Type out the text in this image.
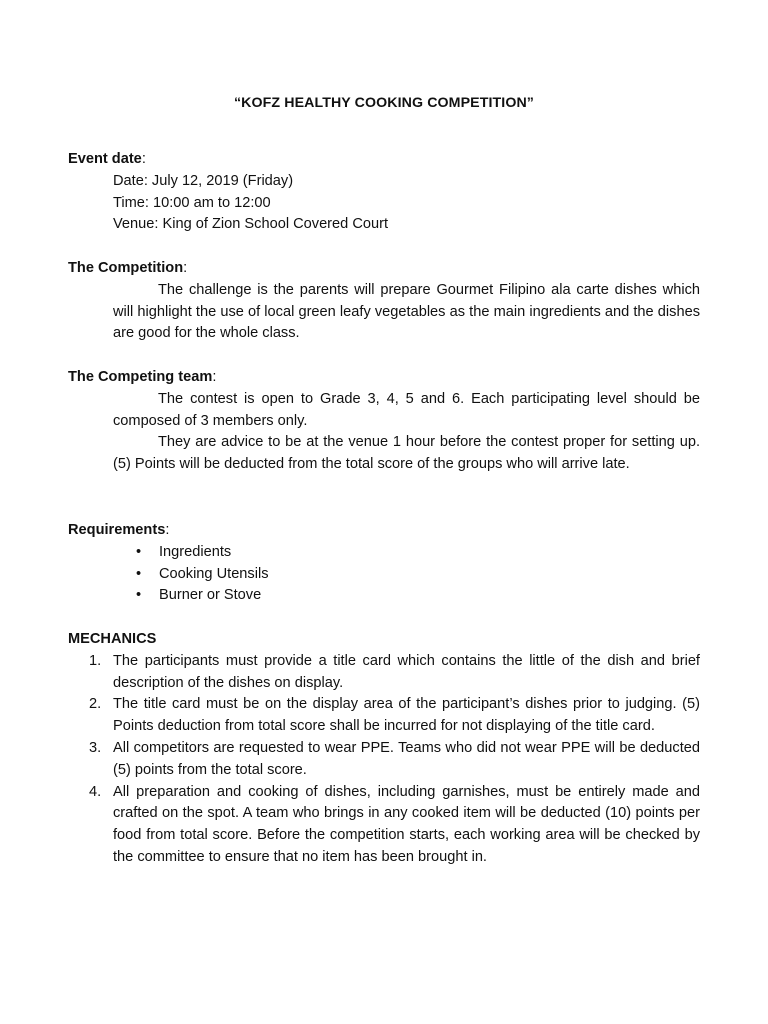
“KOFZ HEALTHY COOKING COMPETITION”
Event date:
Date: July 12, 2019 (Friday)
Time: 10:00 am to 12:00
Venue: King of Zion School Covered Court
The Competition:
The challenge is the parents will prepare Gourmet Filipino ala carte dishes which will highlight the use of local green leafy vegetables as the main ingredients and the dishes are good for the whole class.
The Competing team:
The contest is open to Grade 3, 4, 5 and 6. Each participating level should be composed of 3 members only.
They are advice to be at the venue 1 hour before the contest proper for setting up. (5) Points will be deducted from the total score of the groups who will arrive late.
Requirements:
• Ingredients
• Cooking Utensils
• Burner or Stove
MECHANICS
1. The participants must provide a title card which contains the little of the dish and brief description of the dishes on display.
2. The title card must be on the display area of the participant’s dishes prior to judging. (5) Points deduction from total score shall be incurred for not displaying of the title card.
3. All competitors are requested to wear PPE. Teams who did not wear PPE will be deducted (5) points from the total score.
4. All preparation and cooking of dishes, including garnishes, must be entirely made and crafted on the spot. A team who brings in any cooked item will be deducted (10) points per food from total score. Before the competition starts, each working area will be checked by the committee to ensure that no item has been brought in.
